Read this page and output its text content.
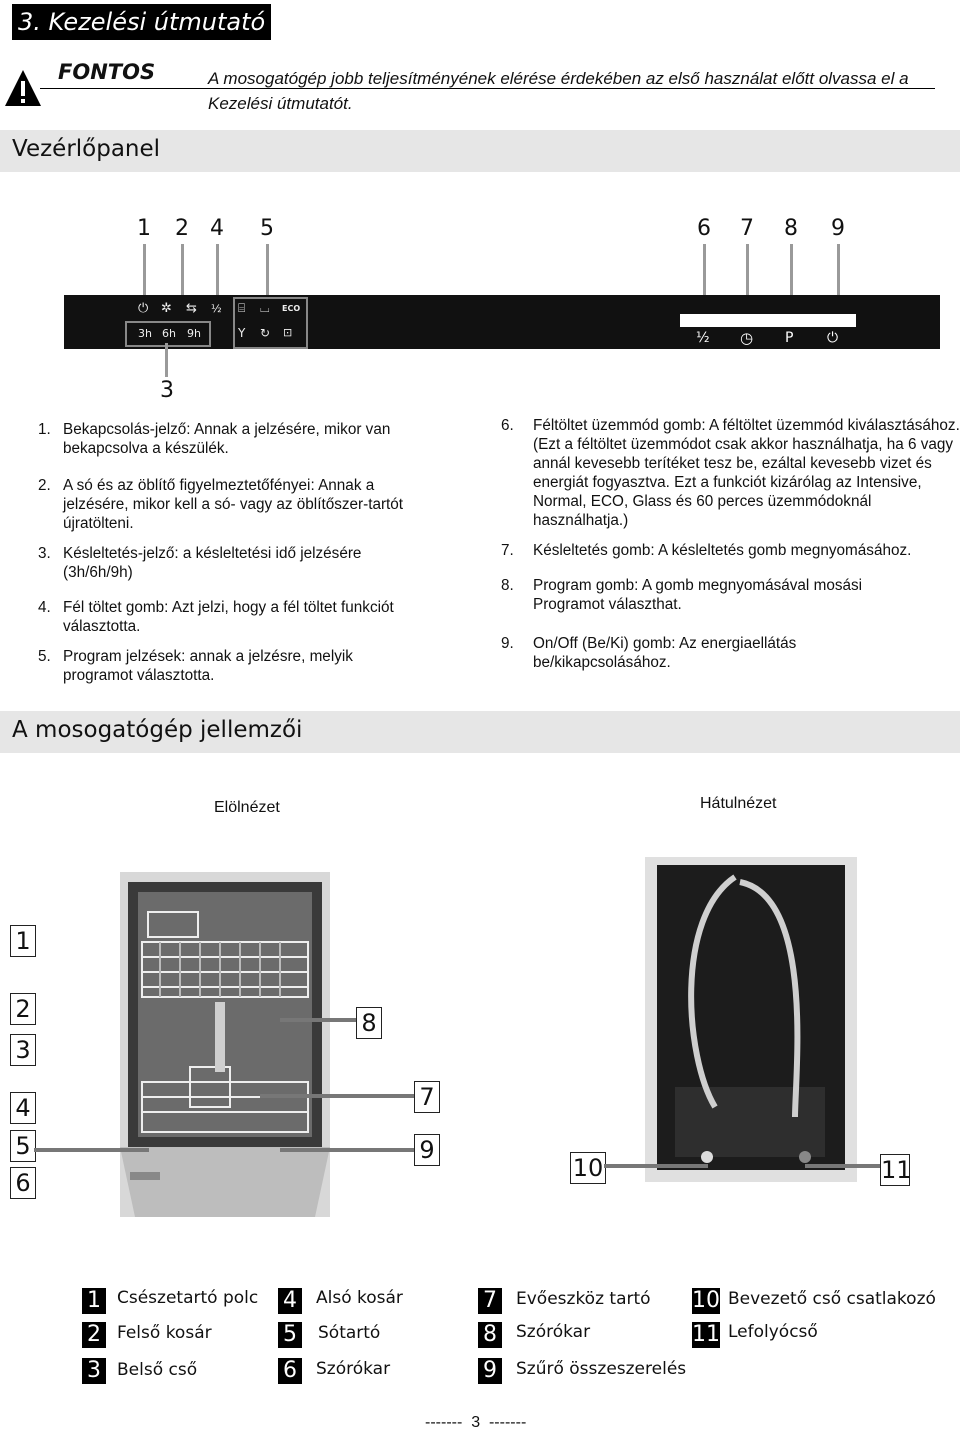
3. Kezelési útmutató
FONTOS	A mosogatógép jobb teljesítményének elérése érdekében az első használat előtt olvassa el a Kezelési útmutatót.
Vezérlőpanel
1 2 4 5	6 7 8 9
⏻ ✲ ⇆ ½ ⌸ ⌴ ECO
Y ↻ ⊡
3h 6h 9h	½ ◷ P ⏻
3
1. Bekapcsolás-jelző: Annak a jelzésére, mikor van bekapcsolva a készülék.
2. A só és az öblítő figyelmeztetőfényei: Annak a jelzésére, mikor kell a só- vagy az öblítőszer-tartót újratölteni.
3. Késleltetés-jelző: a késleltetési idő jelzésére (3h/6h/9h)
4. Fél töltet gomb: Azt jelzi, hogy a fél töltet funkciót választotta.
5. Program jelzések: annak a jelzésre, melyik programot választotta.
6. Féltöltet üzemmód gomb: A féltöltet üzemmód kiválasztásához. (Ezt a féltöltet üzemmódot csak akkor használhatja, ha 6 vagy annál kevesebb terítéket tesz be, ezáltal kevesebb vizet és energiát fogyasztva. Ezt a funkciót kizárólag az Intensive, Normal, ECO, Glass és 60 perces üzemmódoknál használhatja.)
7. Késleltetés gomb: A késleltetés gomb megnyomásához.
8. Program gomb: A gomb megnyomásával mosási Programot választhat.
9. On/Off (Be/Ki) gomb: Az energiaellátás be/kikapcsolásához.
A mosogatógép jellemzői
Elölnézet	Hátulnézet
1
2
3
4
5
6
7
8
9
10	11
1 Csészetartó polc
2 Felső kosár
3 Belső cső
4 Alsó kosár
5 Sótartó
6 Szórókar
7 Evőeszköz tartó
8 Szórókar
9 Szűrő összeszerelés
10 Bevezető cső csatlakozó
11 Lefolyócső
-------  3  -------
